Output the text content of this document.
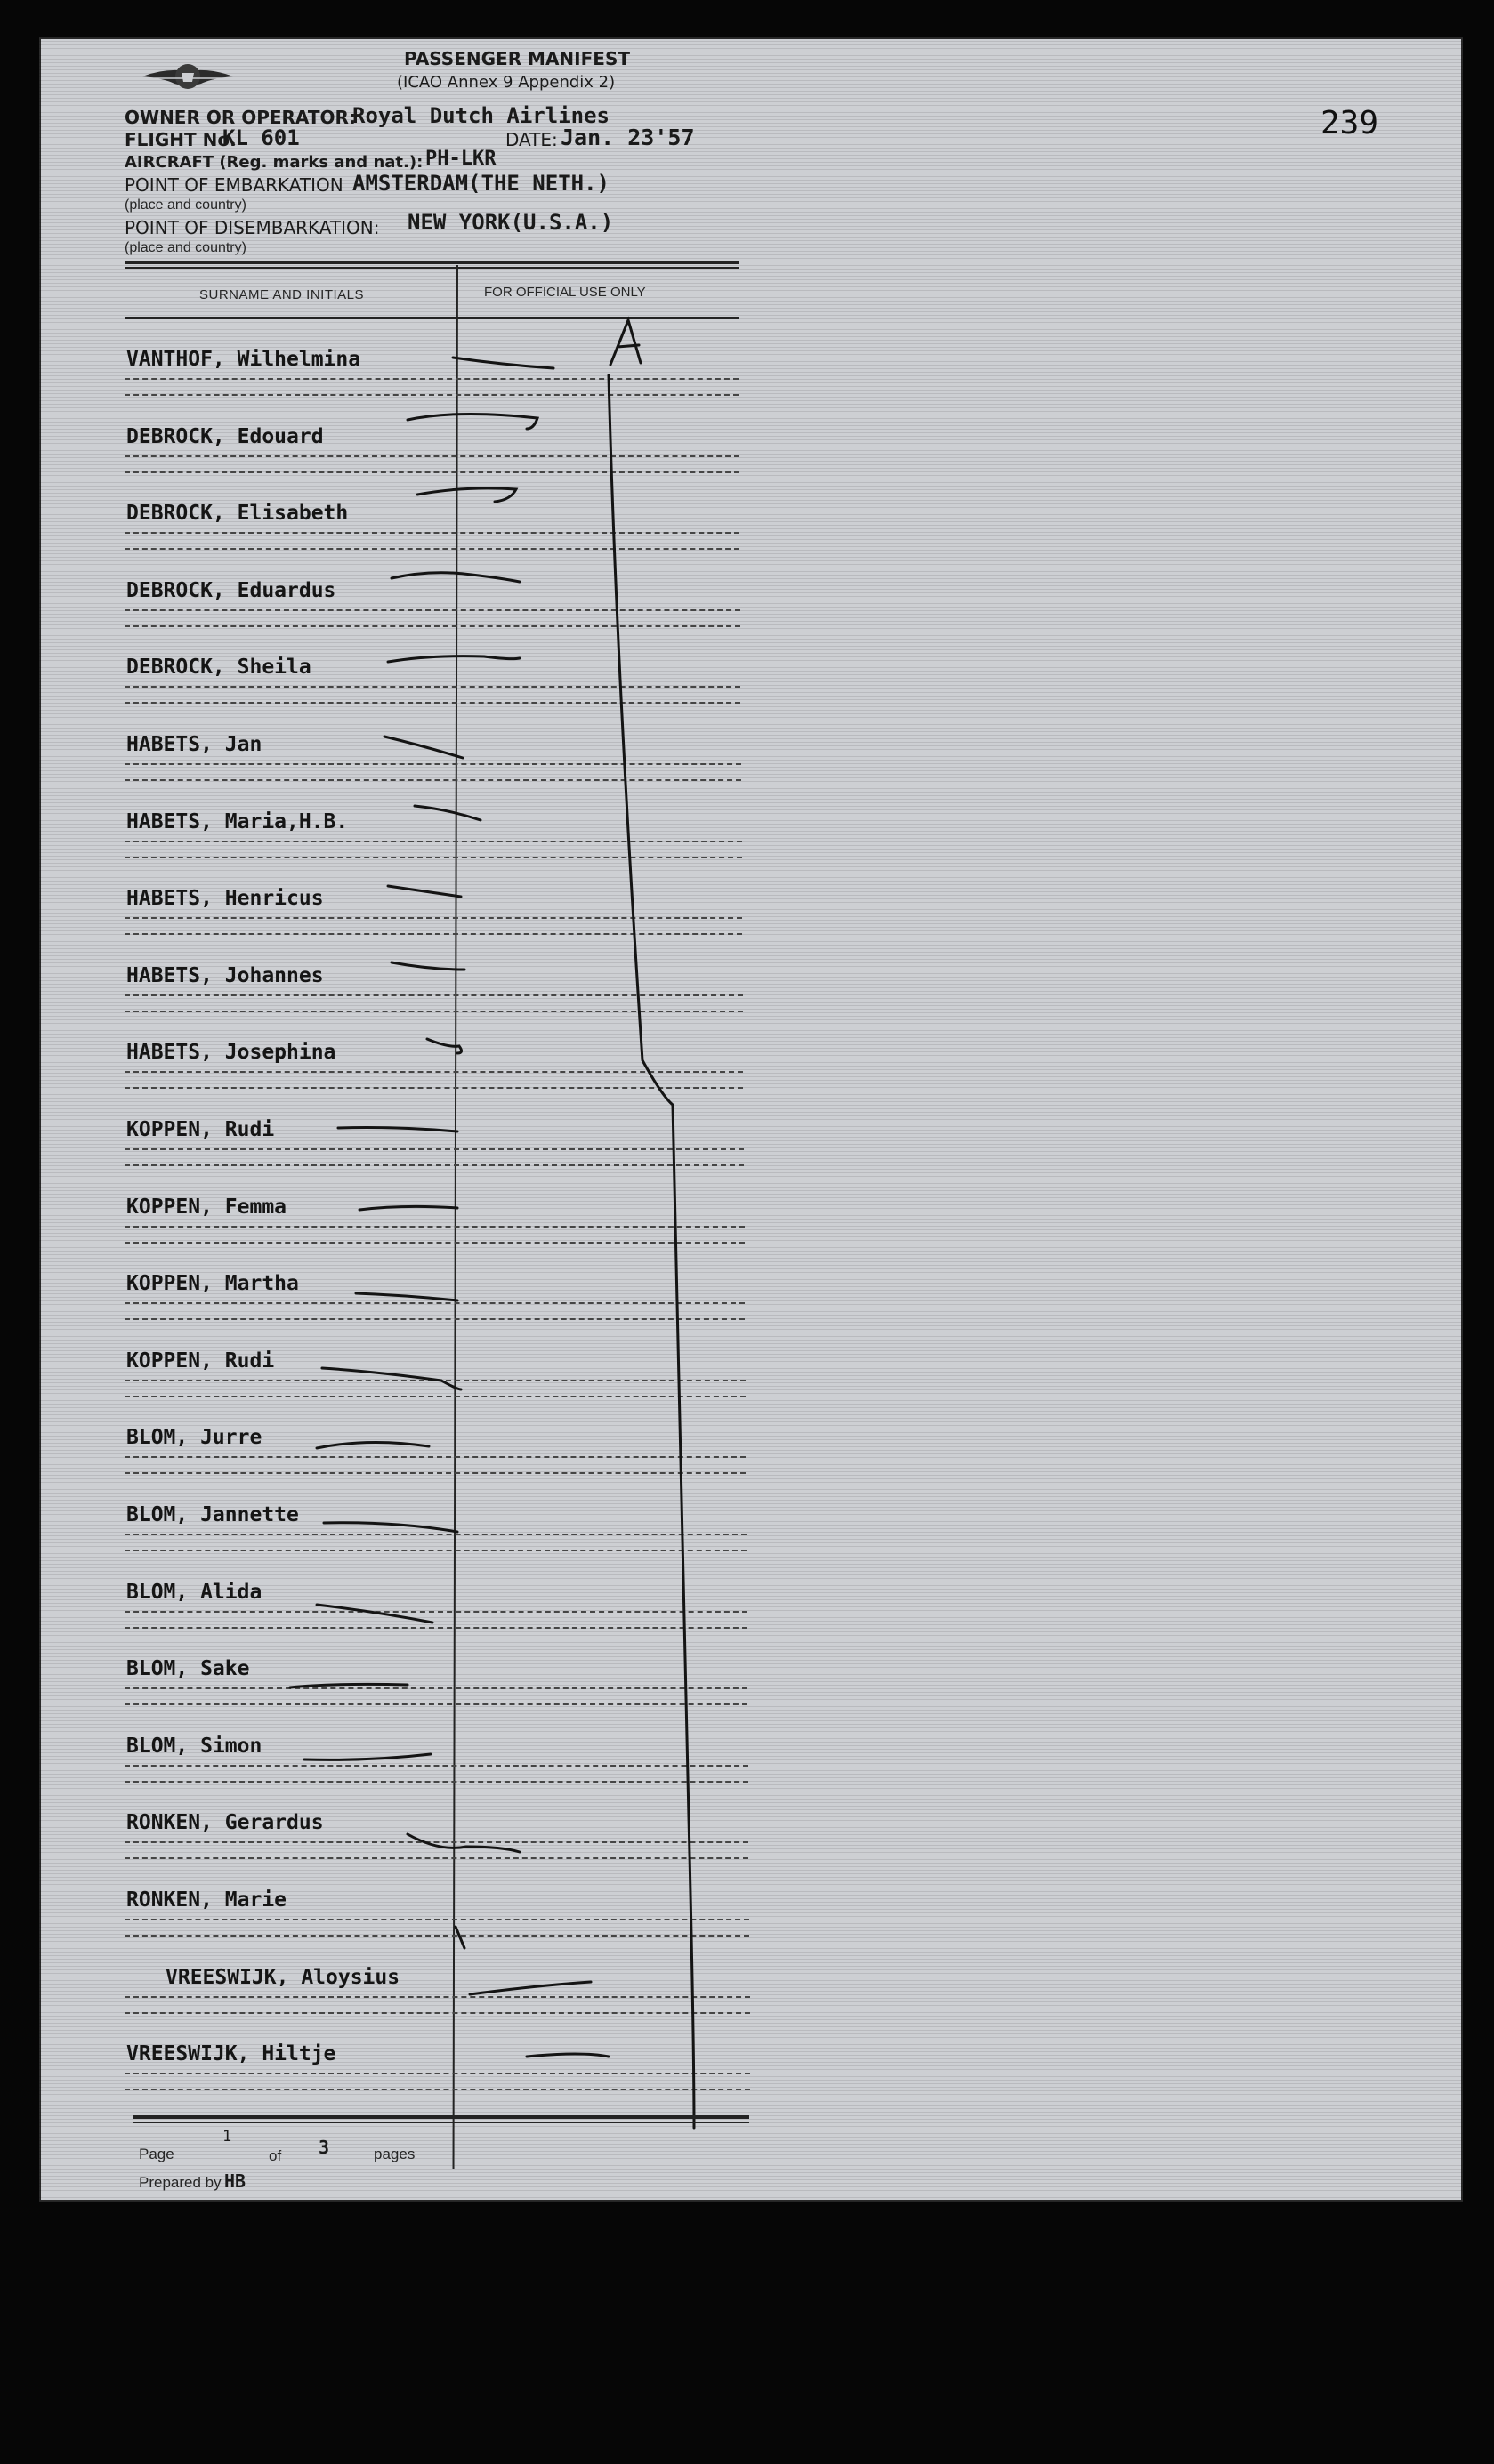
PASSENGER MANIFEST
(ICAO Annex 9 Appendix 2)
239
OWNER OR OPERATOR:
Royal Dutch Airlines
FLIGHT No.
KL 601	DATE: Jan. 23'57
AIRCRAFT (Reg. marks and nat.): PH-LKR
POINT OF EMBARKATION AMSTERDAM(THE NETH.)
(place and country)
POINT OF DISEMBARKATION: NEW YORK(U.S.A.)
(place and country)
SURNAME AND INITIALS	FOR OFFICIAL USE ONLY
VANTHOF, Wilhelmina
DEBROCK, Edouard
DEBROCK, Elisabeth
DEBROCK, Eduardus
DEBROCK, Sheila
HABETS, Jan
HABETS, Maria,H.B.
HABETS, Henricus
HABETS, Johannes
HABETS, Josephina
KOPPEN, Rudi
KOPPEN, Femma
KOPPEN, Martha
KOPPEN, Rudi
BLOM, Jurre
BLOM, Jannette
BLOM, Alida
BLOM, Sake
BLOM, Simon
RONKEN, Gerardus
RONKEN, Marie
VREESWIJK, Aloysius
VREESWIJK, Hiltje
Page
1
of 3	pages
Prepared by HB
